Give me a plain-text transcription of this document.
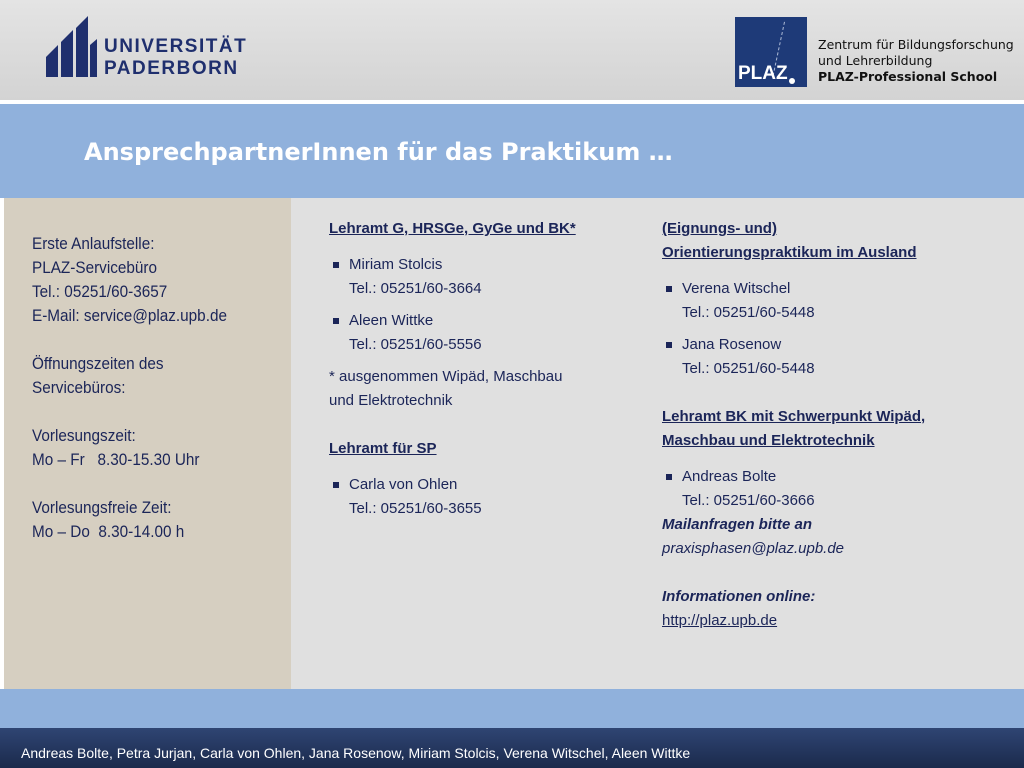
UNIVERSITÄT
PADERBORN	PLAZ
Zentrum für Bildungsforschung
und Lehrerbildung
PLAZ-Professional School
AnsprechpartnerInnen für das Praktikum …
Erste Anlaufstelle:
PLAZ-Servicebüro
Tel.: 05251/60-3657
E-Mail: service@plaz.upb.de
Öffnungszeiten des
Servicebüros:
Vorlesungszeit:
Mo – Fr   8.30-15.30 Uhr
Vorlesungsfreie Zeit:
Mo – Do  8.30-14.00 h
Lehramt G, HRSGe, GyGe und BK*
Miriam Stolcis
Tel.: 05251/60-3664
Aleen Wittke
Tel.: 05251/60-5556
* ausgenommen Wipäd, Maschbau
und Elektrotechnik
Lehramt für SP
Carla von Ohlen
Tel.: 05251/60-3655
(Eignungs- und)
Orientierungspraktikum im Ausland
Verena Witschel
Tel.: 05251/60-5448
Jana Rosenow
Tel.: 05251/60-5448
Lehramt BK mit Schwerpunkt Wipäd,
Maschbau und Elektrotechnik
Andreas Bolte
Tel.: 05251/60-3666
Mailanfragen bitte an
praxisphasen@plaz.upb.de
Informationen online:
http://plaz.upb.de
Andreas Bolte, Petra Jurjan, Carla von Ohlen, Jana Rosenow, Miriam Stolcis, Verena Witschel, Aleen Wittke
